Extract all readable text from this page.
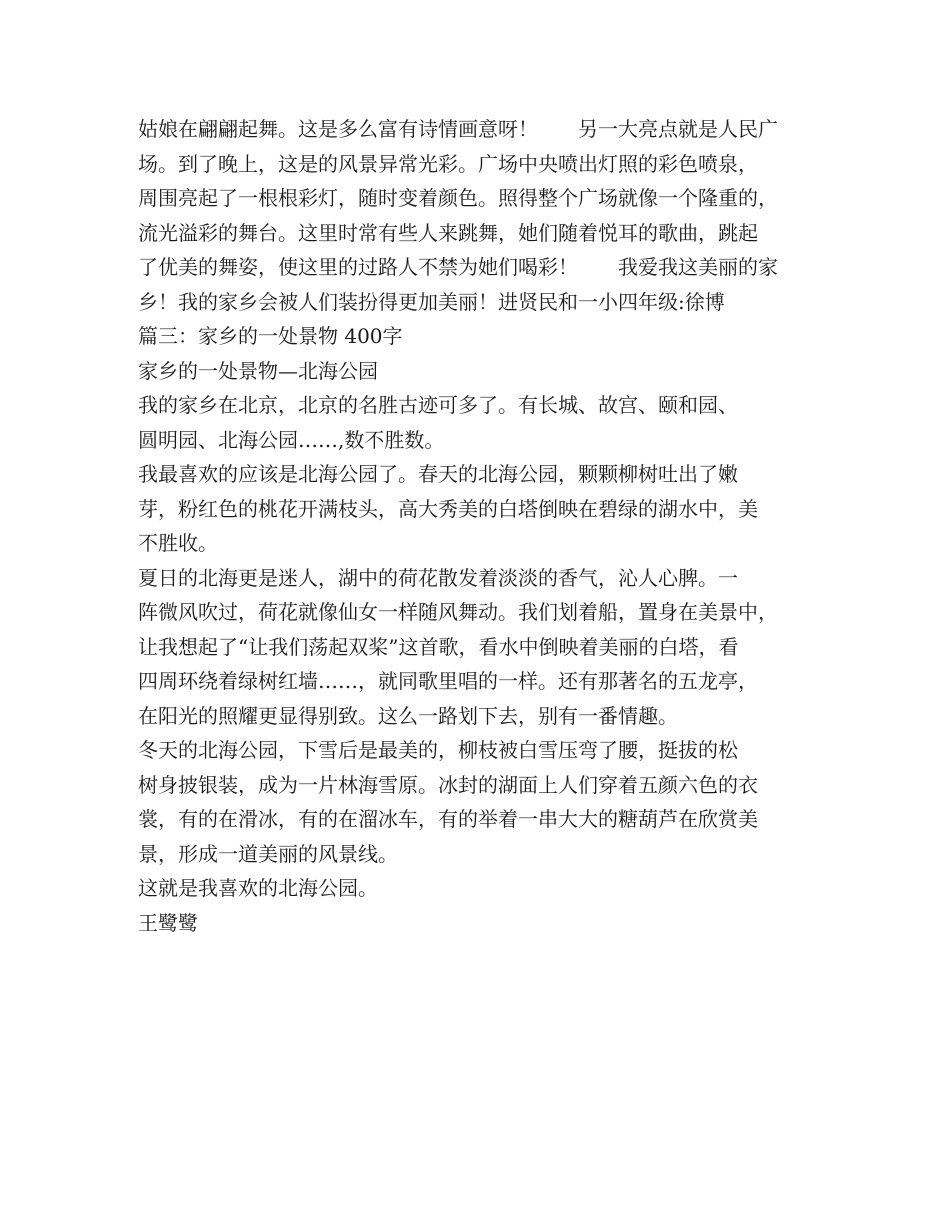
姑娘在翩翩起舞。这是多么富有诗情画意呀！　　另一大亮点就是人民广
场。到了晚上，这是的风景异常光彩。广场中央喷出灯照的彩色喷泉，
周围亮起了一根根彩灯，随时变着颜色。照得整个广场就像一个隆重的，
流光溢彩的舞台。这里时常有些人来跳舞，她们随着悦耳的歌曲，跳起
了优美的舞姿，使这里的过路人不禁为她们喝彩！　　我爱我这美丽的家
乡！我的家乡会被人们装扮得更加美丽！进贤民和一小四年级:徐博
篇三：家乡的一处景物 400字
家乡的一处景物—北海公园
我的家乡在北京，北京的名胜古迹可多了。有长城、故宫、颐和园、
圆明园、北海公园……,数不胜数。
我最喜欢的应该是北海公园了。春天的北海公园，颗颗柳树吐出了嫩
芽，粉红色的桃花开满枝头，高大秀美的白塔倒映在碧绿的湖水中，美
不胜收。
夏日的北海更是迷人，湖中的荷花散发着淡淡的香气，沁人心脾。一
阵微风吹过，荷花就像仙女一样随风舞动。我们划着船，置身在美景中，
让我想起了“让我们荡起双桨”这首歌，看水中倒映着美丽的白塔，看
四周环绕着绿树红墙……，就同歌里唱的一样。还有那著名的五龙亭，
在阳光的照耀更显得别致。这么一路划下去，别有一番情趣。
冬天的北海公园，下雪后是最美的，柳枝被白雪压弯了腰，挺拔的松
树身披银装，成为一片林海雪原。冰封的湖面上人们穿着五颜六色的衣
裳，有的在滑冰，有的在溜冰车，有的举着一串大大的糖葫芦在欣赏美
景，形成一道美丽的风景线。
这就是我喜欢的北海公园。
王鹭鹭
